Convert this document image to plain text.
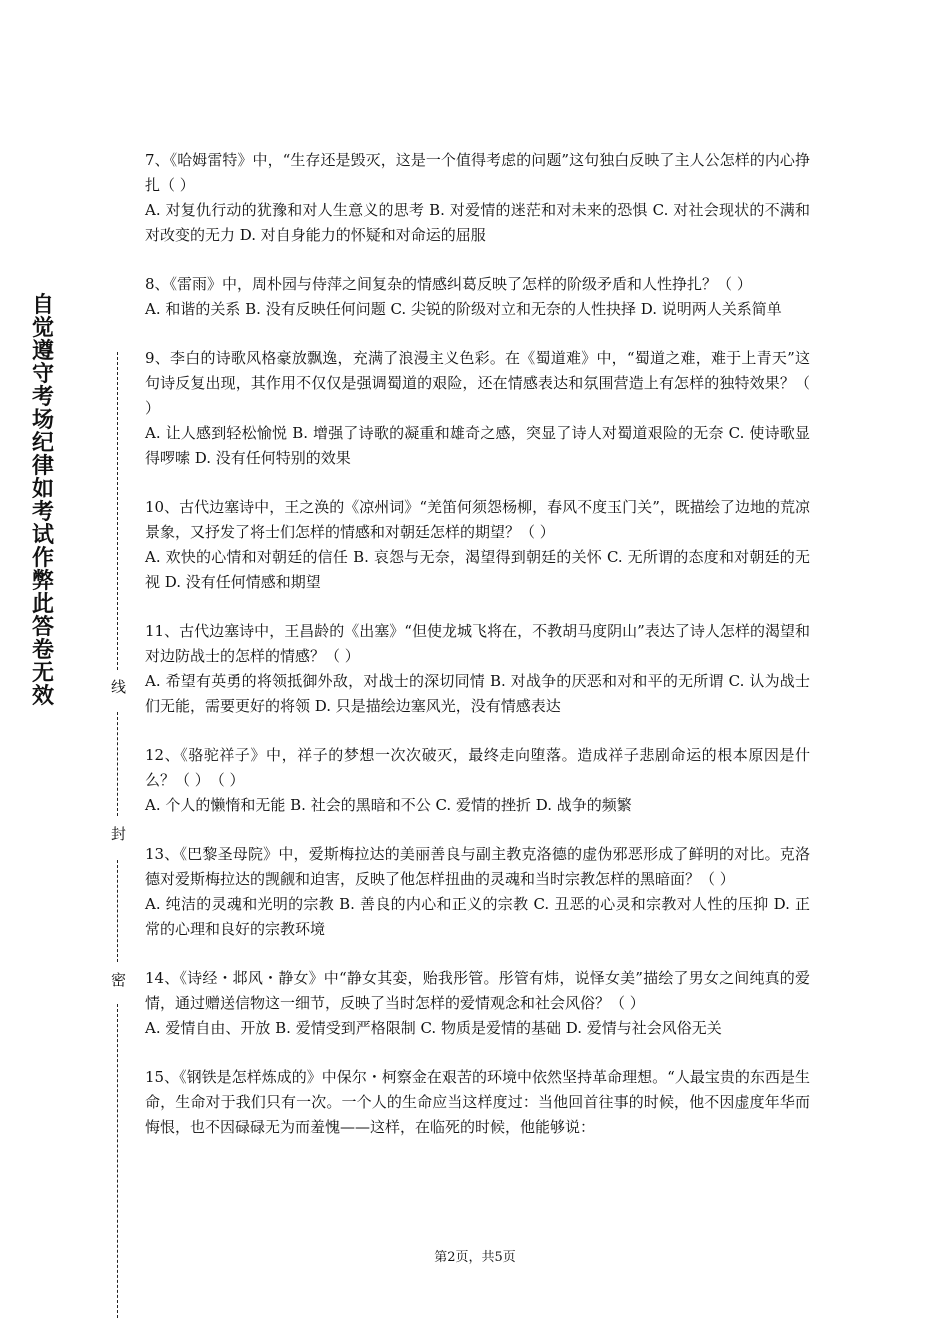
自觉遵守考场纪律如考试作弊此答卷无效	线
封
密

7、《哈姆雷特》中，“生存还是毁灭，这是一个值得考虑的问题”这句独白反映了主人公怎样的内心挣扎（ ）

A. 对复仇行动的犹豫和对人生意义的思考 B. 对爱情的迷茫和对未来的恐惧 C. 对社会现状的不满和对改变的无力 D. 对自身能力的怀疑和对命运的屈服

8、《雷雨》中，周朴园与侍萍之间复杂的情感纠葛反映了怎样的阶级矛盾和人性挣扎？（ ）

A. 和谐的关系 B. 没有反映任何问题 C. 尖锐的阶级对立和无奈的人性抉择 D. 说明两人关系简单

9、李白的诗歌风格豪放飘逸，充满了浪漫主义色彩。在《蜀道难》中，“蜀道之难，难于上青天”这句诗反复出现，其作用不仅仅是强调蜀道的艰险，还在情感表达和氛围营造上有怎样的独特效果？（ ）

A. 让人感到轻松愉悦 B. 增强了诗歌的凝重和雄奇之感，突显了诗人对蜀道艰险的无奈 C. 使诗歌显得啰嗦 D. 没有任何特别的效果

10、古代边塞诗中，王之涣的《凉州词》“羌笛何须怨杨柳，春风不度玉门关”，既描绘了边地的荒凉景象，又抒发了将士们怎样的情感和对朝廷怎样的期望？（ ）

A. 欢快的心情和对朝廷的信任 B. 哀怨与无奈，渴望得到朝廷的关怀 C. 无所谓的态度和对朝廷的无视 D. 没有任何情感和期望

11、古代边塞诗中，王昌龄的《出塞》“但使龙城飞将在，不教胡马度阴山”表达了诗人怎样的渴望和对边防战士的怎样的情感？（ ）

A. 希望有英勇的将领抵御外敌，对战士的深切同情 B. 对战争的厌恶和对和平的无所谓 C. 认为战士们无能，需要更好的将领 D. 只是描绘边塞风光，没有情感表达

12、《骆驼祥子》中，祥子的梦想一次次破灭，最终走向堕落。造成祥子悲剧命运的根本原因是什么？（ ）　（ ）

A. 个人的懒惰和无能 B. 社会的黑暗和不公 C. 爱情的挫折 D. 战争的频繁

13、《巴黎圣母院》中，爱斯梅拉达的美丽善良与副主教克洛德的虚伪邪恶形成了鲜明的对比。克洛德对爱斯梅拉达的觊觎和迫害，反映了他怎样扭曲的灵魂和当时宗教怎样的黑暗面？（ ）

A. 纯洁的灵魂和光明的宗教 B. 善良的内心和正义的宗教 C. 丑恶的心灵和宗教对人性的压抑 D. 正常的心理和良好的宗教环境

14、《诗经・邶风・静女》中“静女其娈，贻我彤管。彤管有炜，说怿女美”描绘了男女之间纯真的爱情，通过赠送信物这一细节，反映了当时怎样的爱情观念和社会风俗？（ ）

A. 爱情自由、开放 B. 爱情受到严格限制 C. 物质是爱情的基础 D. 爱情与社会风俗无关

15、《钢铁是怎样炼成的》中保尔・柯察金在艰苦的环境中依然坚持革命理想。“人最宝贵的东西是生命，生命对于我们只有一次。一个人的生命应当这样度过：当他回首往事的时候，他不因虚度年华而悔恨，也不因碌碌无为而羞愧——这样，在临死的时候，他能够说：

第2页，共5页
